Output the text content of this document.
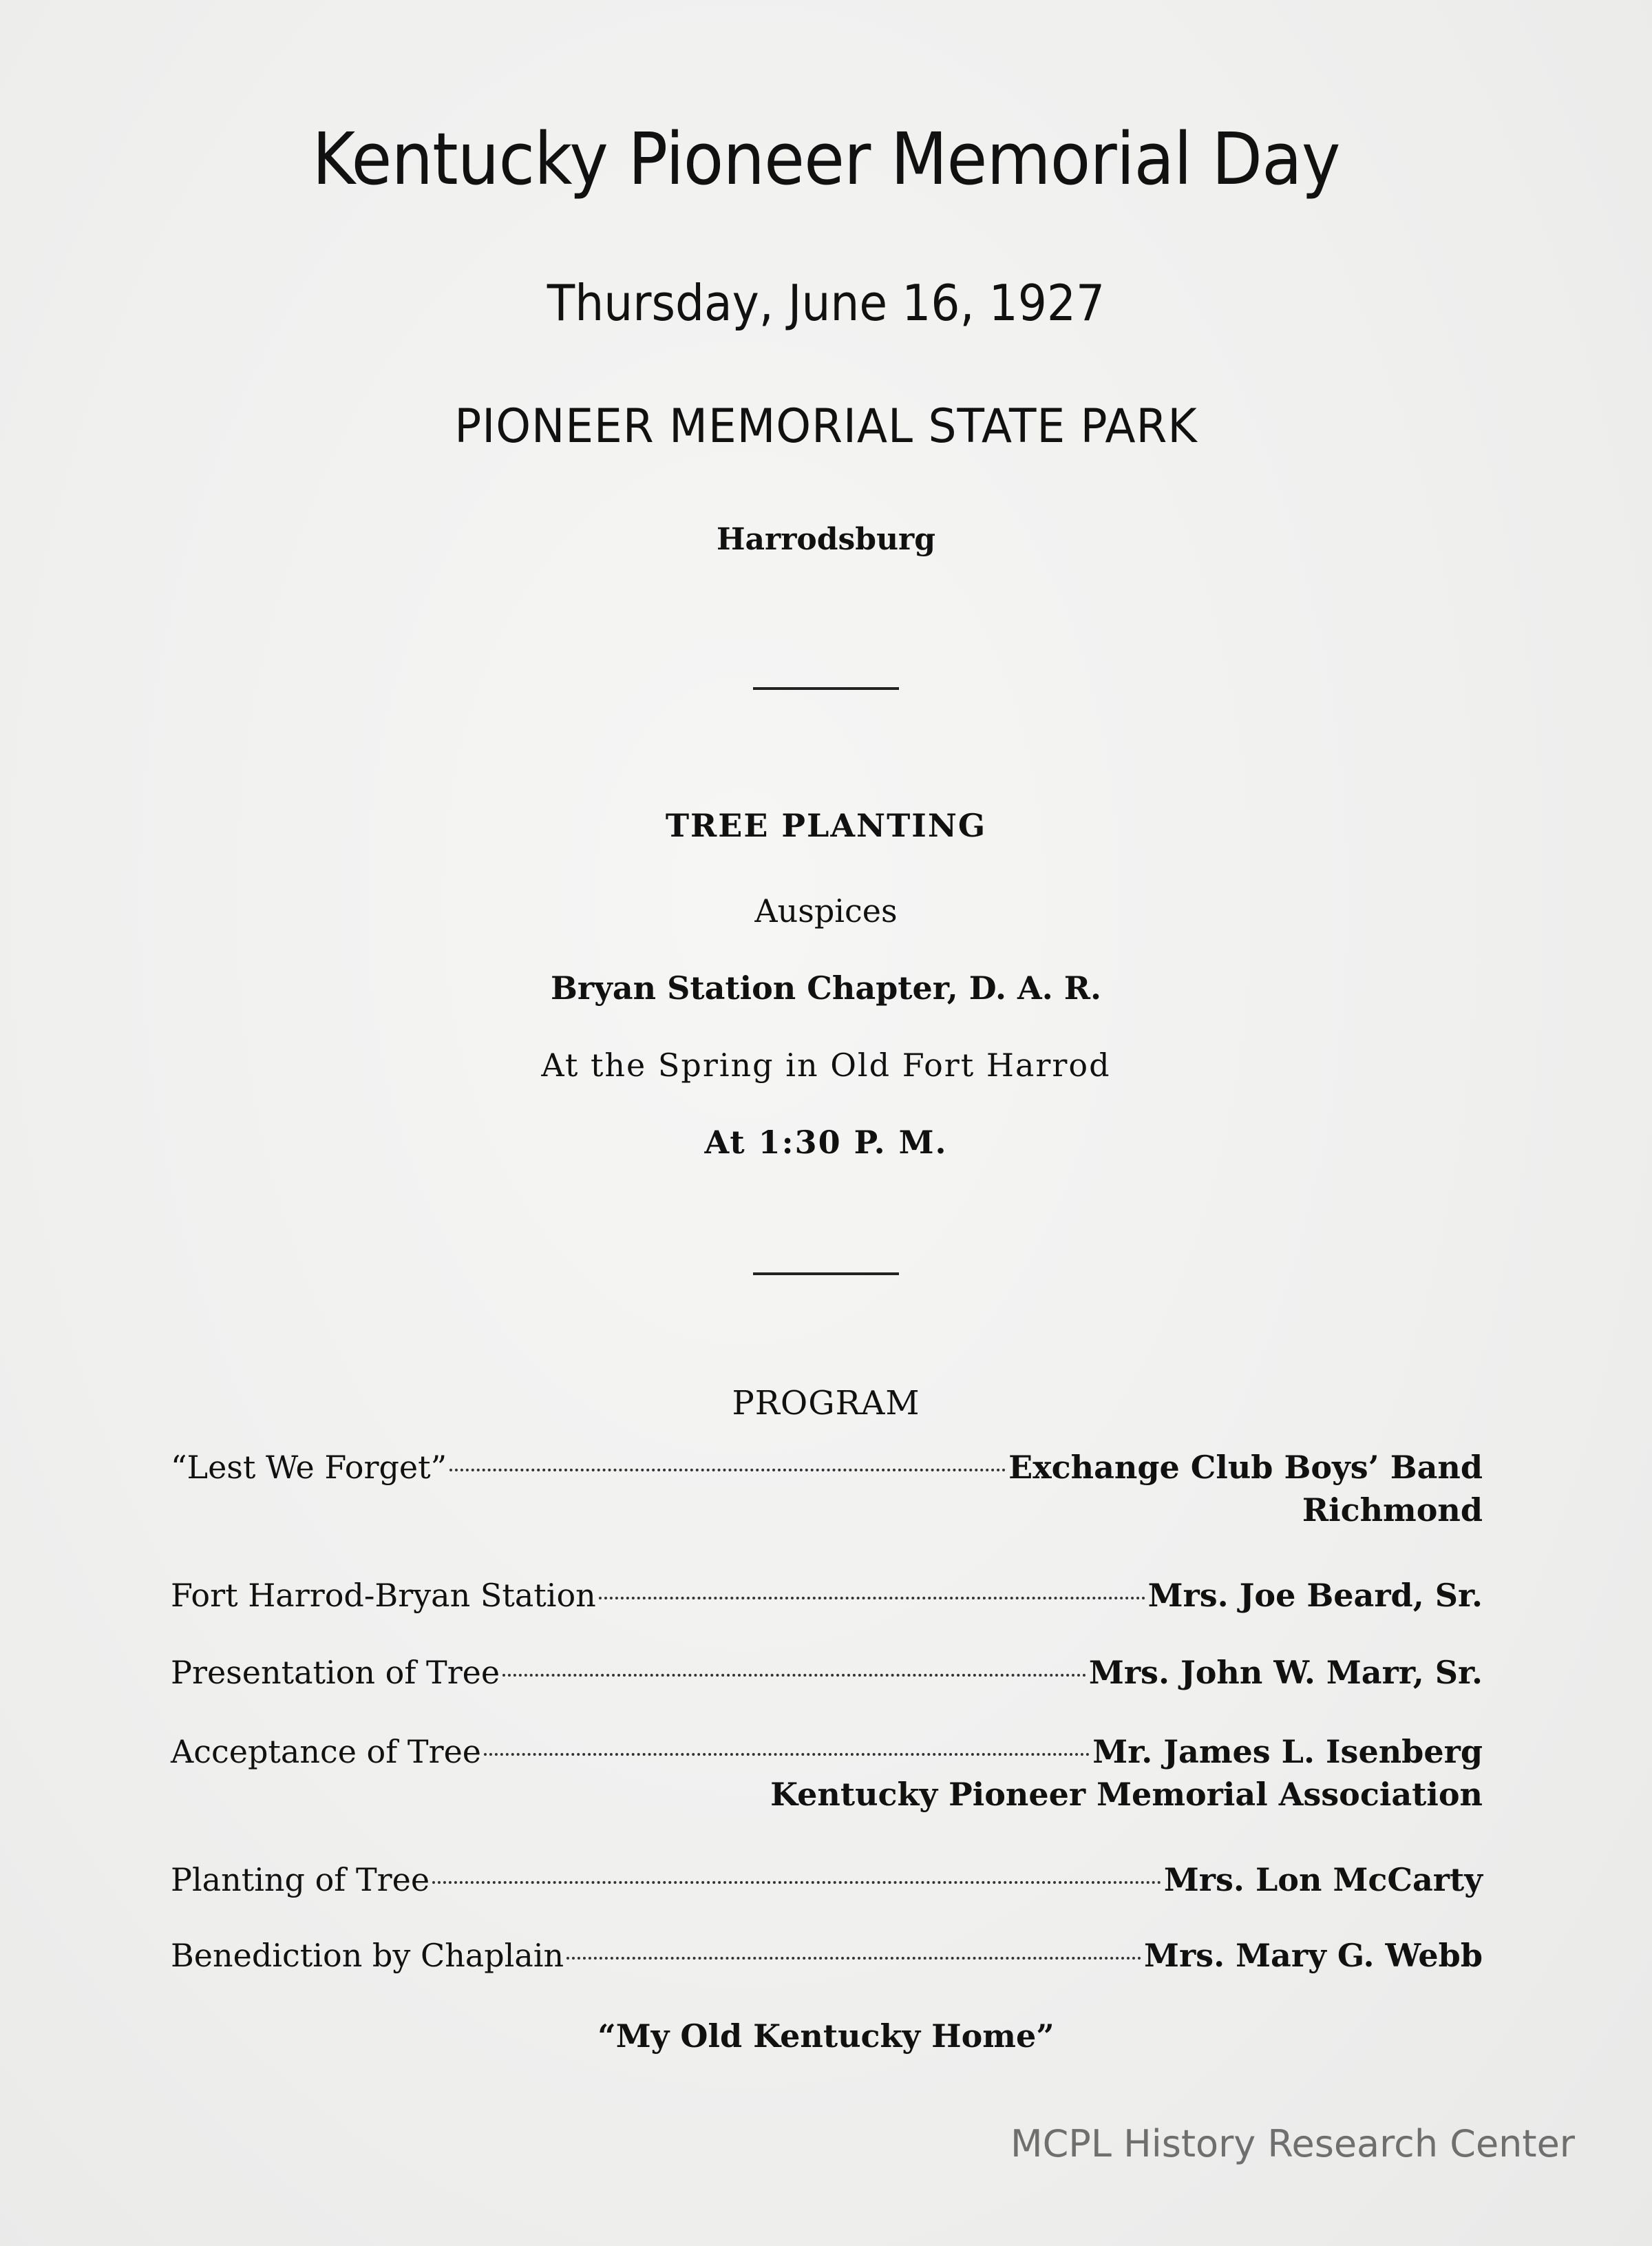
Kentucky Pioneer Memorial Day
Thursday, June 16, 1927
PIONEER MEMORIAL STATE PARK
Harrodsburg
TREE PLANTING
Auspices
Bryan Station Chapter, D. A. R.
At the Spring in Old Fort Harrod
At 1:30 P. M.
PROGRAM
“Lest We Forget”	Exchange Club Boys’ Band
Richmond
Fort Harrod-Bryan Station	Mrs. Joe Beard, Sr.
Presentation of Tree	Mrs. John W. Marr, Sr.
Acceptance of Tree	Mr. James L. Isenberg
Kentucky Pioneer Memorial Association
Planting of Tree	Mrs. Lon McCarty
Benediction by Chaplain	Mrs. Mary G. Webb
“My Old Kentucky Home”
MCPL History Research Center
